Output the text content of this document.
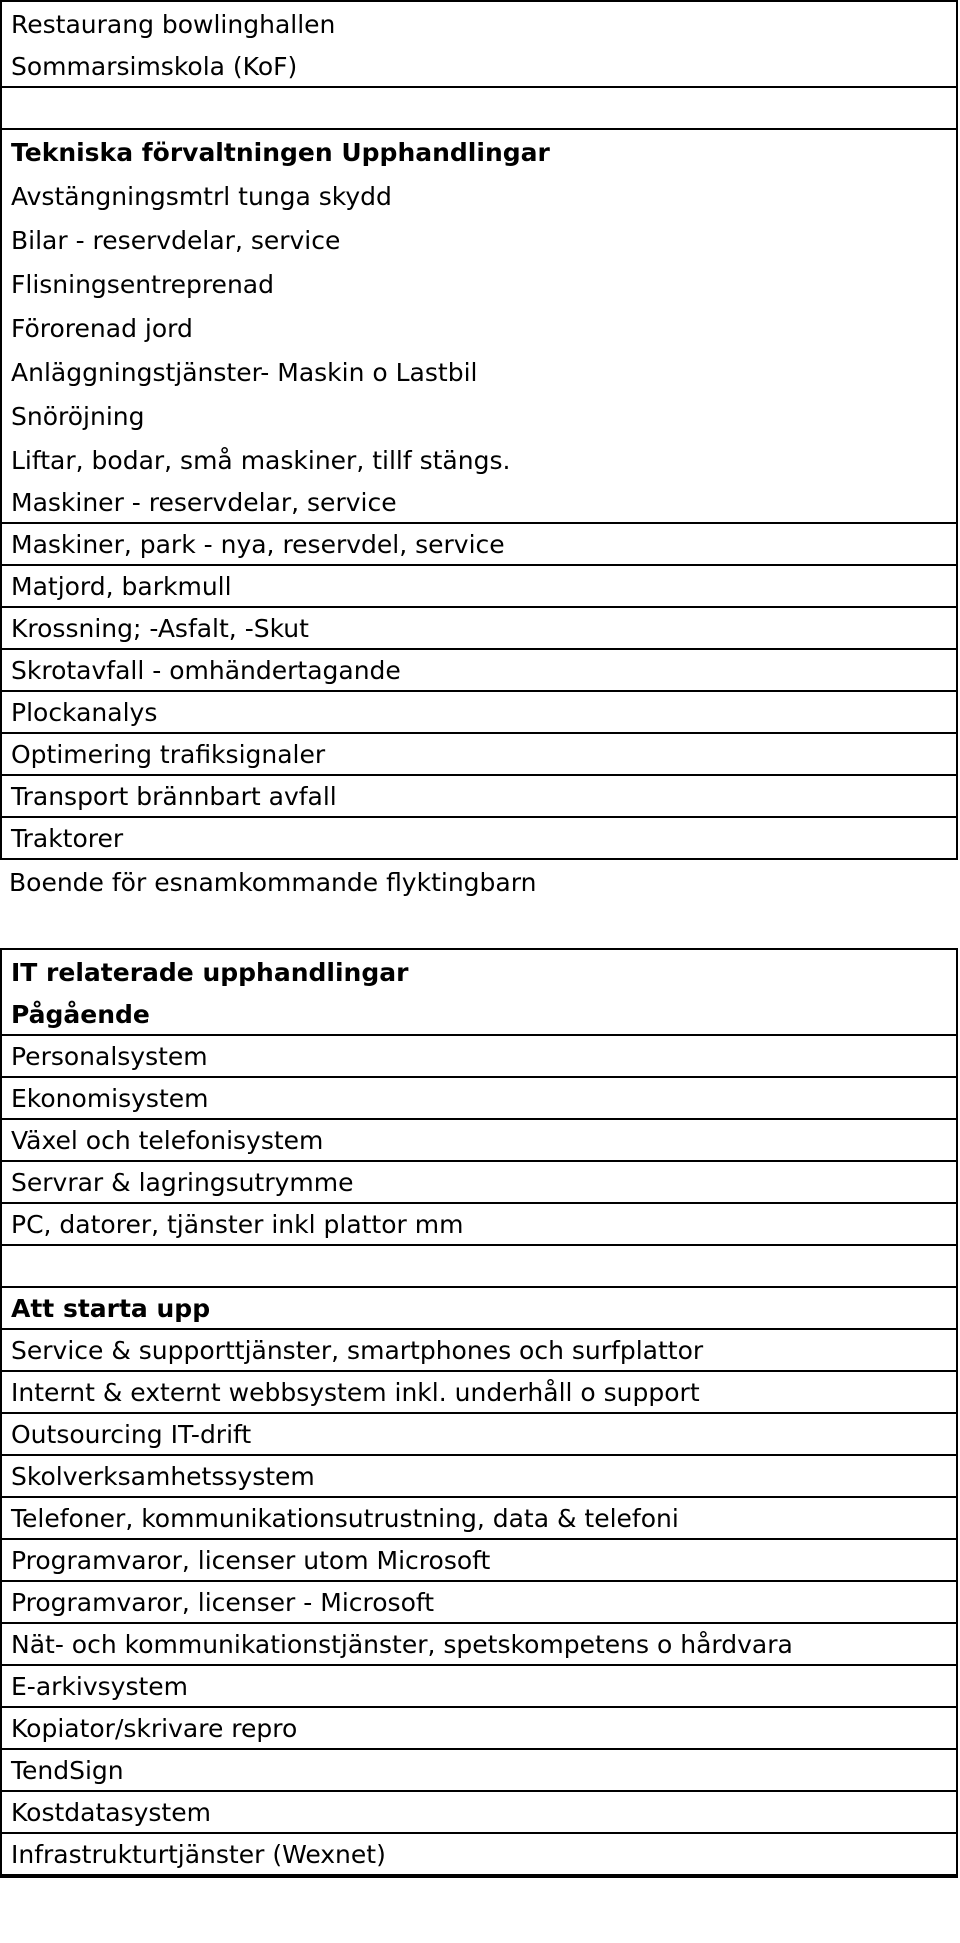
Restaurang bowlinghallen
Sommarsimskola (KoF)
Tekniska förvaltningen Upphandlingar
Avstängningsmtrl tunga skydd
Bilar - reservdelar, service
Flisningsentreprenad
Förorenad jord
Anläggningstjänster- Maskin o Lastbil
Snöröjning
Liftar, bodar, små maskiner, tillf stängs.
Maskiner - reservdelar, service
Maskiner, park - nya, reservdel, service
Matjord, barkmull
Krossning; -Asfalt, -Skut
Skrotavfall - omhändertagande
Plockanalys
Optimering trafiksignaler
Transport brännbart avfall
Traktorer
Boende för esnamkommande flyktingbarn
IT relaterade upphandlingar
Pågående
Personalsystem
Ekonomisystem
Växel och telefonisystem
Servrar & lagringsutrymme
PC, datorer, tjänster inkl plattor mm
Att starta upp
Service & supporttjänster, smartphones och surfplattor
Internt & externt webbsystem inkl. underhåll o support
Outsourcing IT-drift
Skolverksamhetssystem
Telefoner, kommunikationsutrustning, data & telefoni
Programvaror, licenser utom Microsoft
Programvaror, licenser - Microsoft
Nät- och kommunikationstjänster, spetskompetens o hårdvara
E-arkivsystem
Kopiator/skrivare repro
TendSign
Kostdatasystem
Infrastrukturtjänster (Wexnet)
